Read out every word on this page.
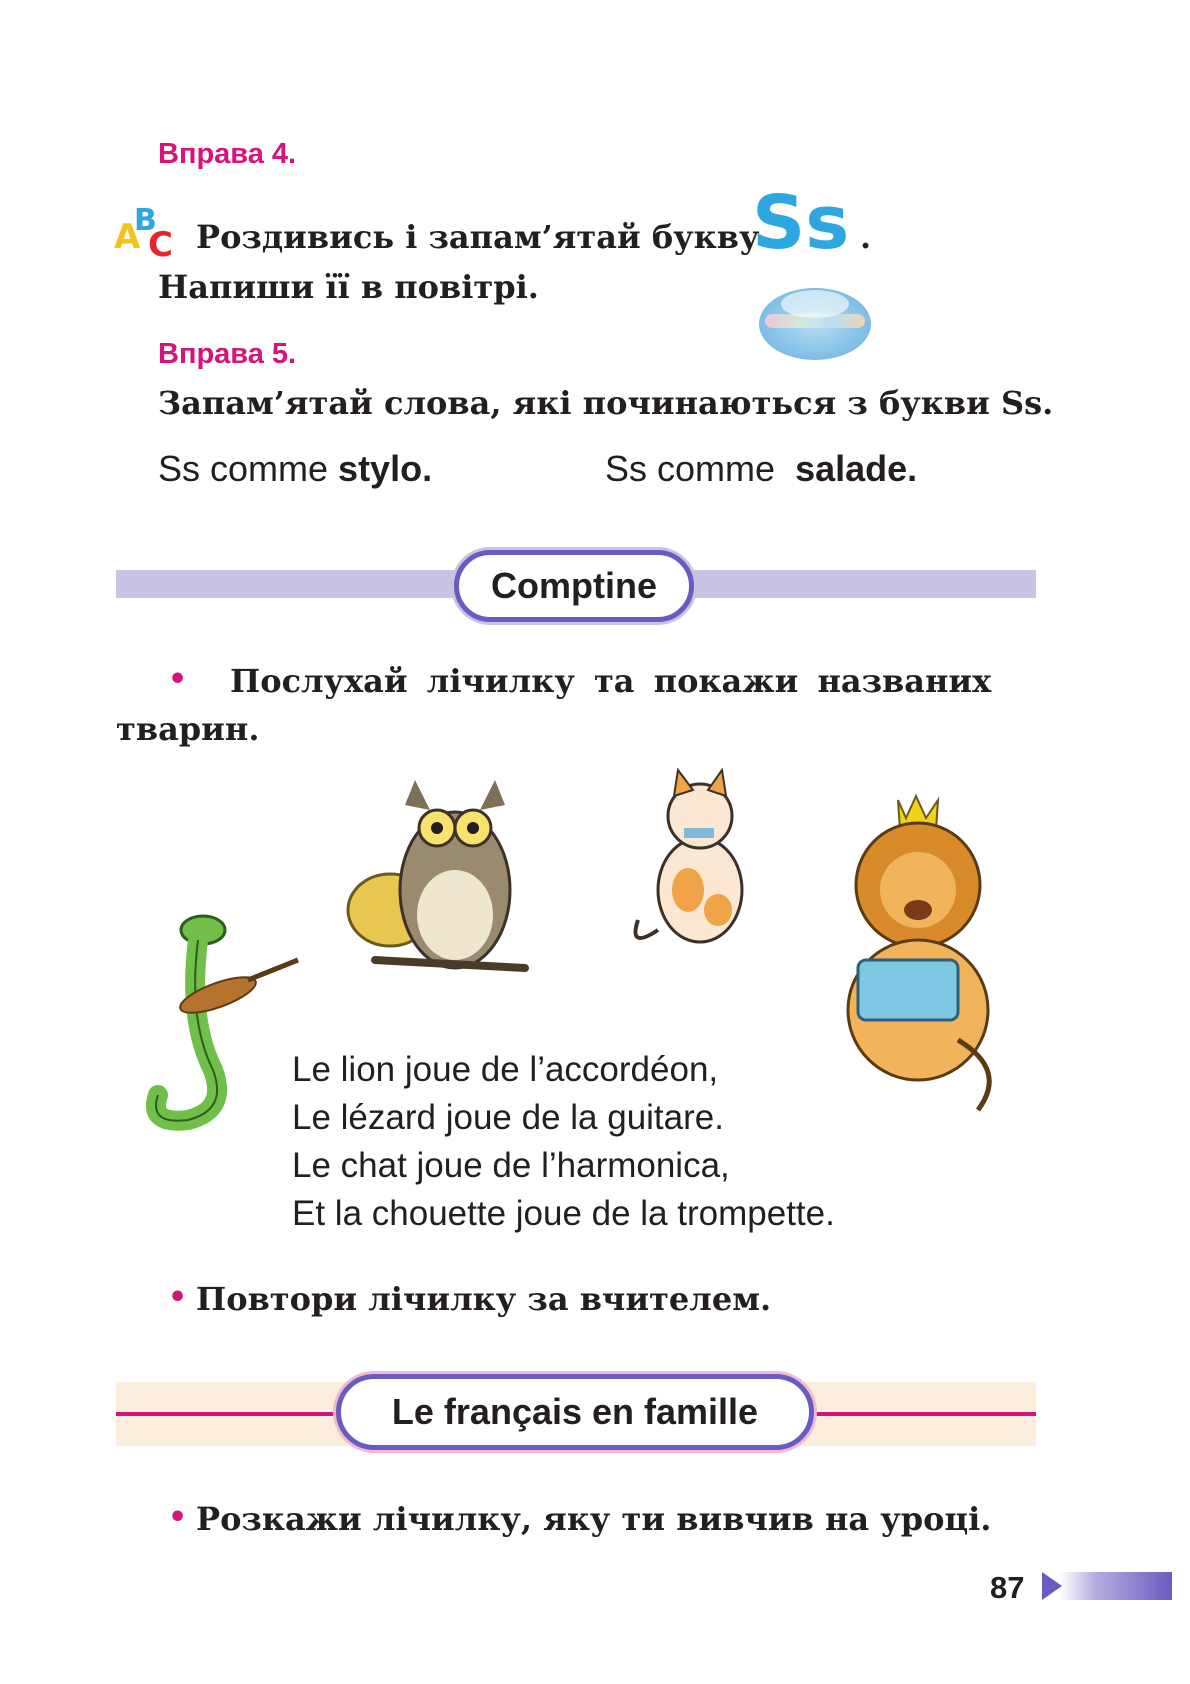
Вправа 4.
A
B
C Роздивись і запам’ятай букву
Ss .
Напиши її в повітрі.
Вправа 5.
Запам’ятай слова, які починаються з букви Ss.
Ss comme stylo.	Ss comme  salade.
Comptine
• Послухай лічилку та покажи названих
тварин.
Le lion joue de l’accordéon,
Le lézard joue de la guitare.
Le chat joue de l’harmonica,
Et la chouette joue de la trompette.
• Повтори лічилку за вчителем.
Le français en famille
• Розкажи лічилку, яку ти вивчив на уроці.
87
